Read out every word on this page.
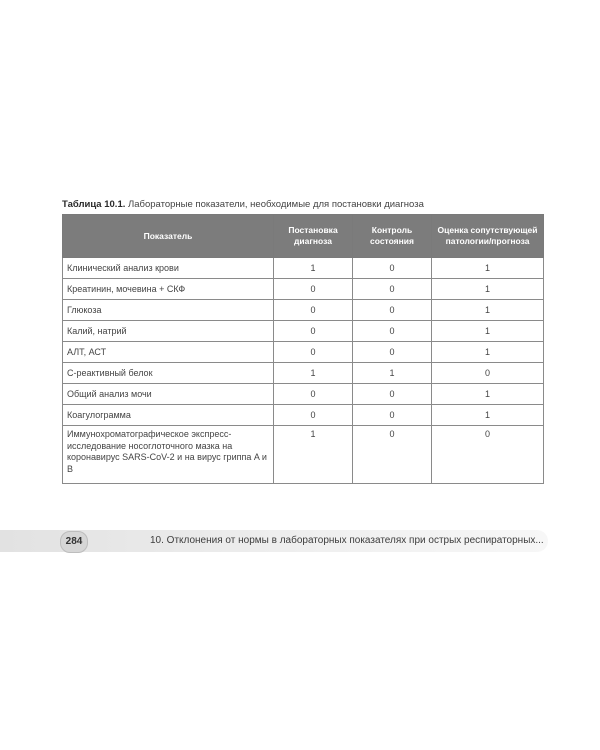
Таблица 10.1. Лабораторные показатели, необходимые для постановки диагноза
Показатель	Постановка диагноза	Контроль состояния	Оценка сопутствующей патологии/прогноза
Клинический анализ крови	1	0	1
Креатинин, мочевина + СКФ	0	0	1
Глюкоза	0	0	1
Калий, натрий	0	0	1
АЛТ, АСТ	0	0	1
С-реактивный белок	1	1	0
Общий анализ мочи	0	0	1
Коагулограмма	0	0	1
Иммунохроматографическое экспресс-исследование носоглоточного мазка на коронавирус SARS-CoV-2 и на вирус гриппа A и B	1	0	0
284	10. Отклонения от нормы в лабораторных показателях при острых респираторных...
